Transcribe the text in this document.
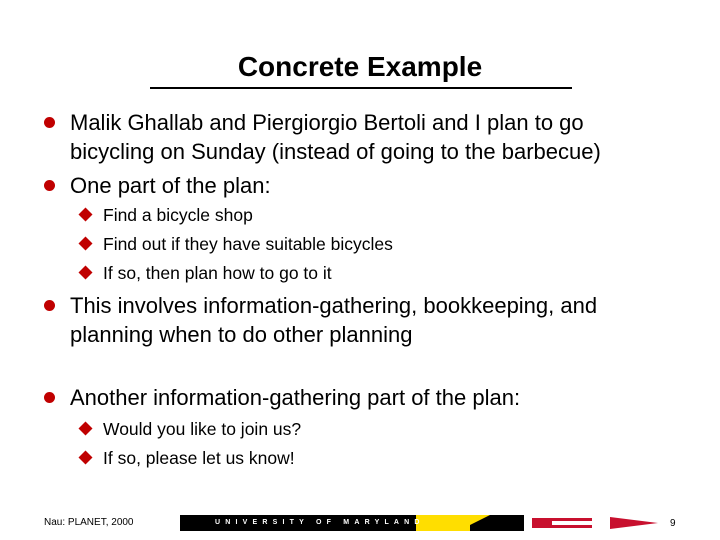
Concrete Example
Malik Ghallab and Piergiorgio Bertoli and I plan to go
bicycling on Sunday (instead of going to the barbecue)
One part of the plan:
Find a bicycle shop
Find out if they have suitable bicycles
If so, then plan how to go to it
This involves information-gathering, bookkeeping, and
planning when to do other planning
Another information-gathering part of the plan:
Would you like to join us?
If so, please let us know!
Nau: PLANET, 2000	UNIVERSITY OF MARYLAND	9
